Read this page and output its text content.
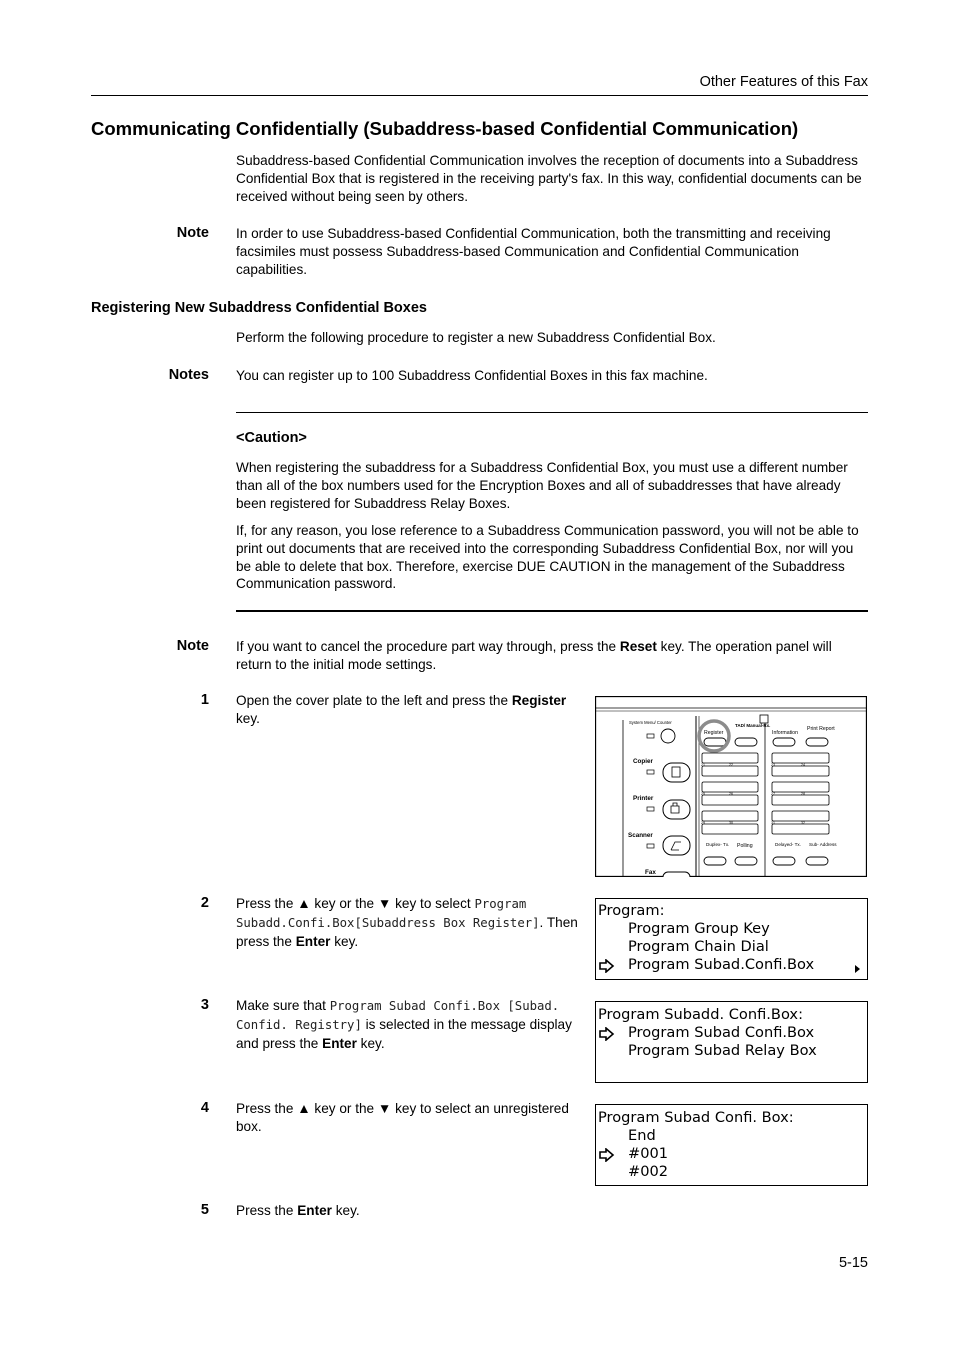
Other Features of this Fax
Communicating Confidentially (Subaddress-based Confidential Communication)
Subaddress-based Confidential Communication involves the reception of documents into a Subaddress Confidential Box that is registered in the receiving party's fax. In this way, confidential documents can be received without being seen by others.
Note In order to use Subaddress-based Confidential Communication, both the transmitting and receiving facsimiles must possess Subaddress-based Communication and Confidential Communication capabilities.
Registering New Subaddress Confidential Boxes
Perform the following procedure to register a new Subaddress Confidential Box.
Notes You can register up to 100 Subaddress Confidential Boxes in this fax machine.
<Caution>
When registering the subaddress for a Subaddress Confidential Box, you must use a different number than all of the box numbers used for the Encryption Boxes and all of subaddresses that have already been registered for Subaddress Relay Boxes.
If, for any reason, you lose reference to a Subaddress Communication password, you will not be able to print out documents that are received into the corresponding Subaddress Confidential Box, nor will you be able to delete that box. Therefore, exercise DUE CAUTION in the management of the Subaddress Communication password.
Note If you want to cancel the procedure part way through, press the Reset key. The operation panel will return to the initial mode settings.
1 Open the cover plate to the left and press the Register key.	System Menu/ Counter
Copier
Printer
Scanner
Fax
TAD/ Manual-Rx.
Register	Information
Print Report
21	22	23	24
25	26	27	28
29	30	31	32
Duplex- Tx. Polling	Delayed- Tx. Sub- Address
2 Press the ▲ key or the ▼ key to select Program Subadd.Confi.Box[Subaddress Box Register]. Then press the Enter key.
Program:
Program Group Key
Program Chain Dial
Program Subad.Confi.Box
3 Make sure that Program Subad Confi.Box [Subad. Confid. Registry] is selected in the message display and press the Enter key.
Program Subadd. Confi.Box:
Program Subad Confi.Box
Program Subad Relay Box
4 Press the ▲ key or the ▼ key to select an unregistered box.
Program Subad Confi. Box:
End
#001
#002
5 Press the Enter key.
5-15
